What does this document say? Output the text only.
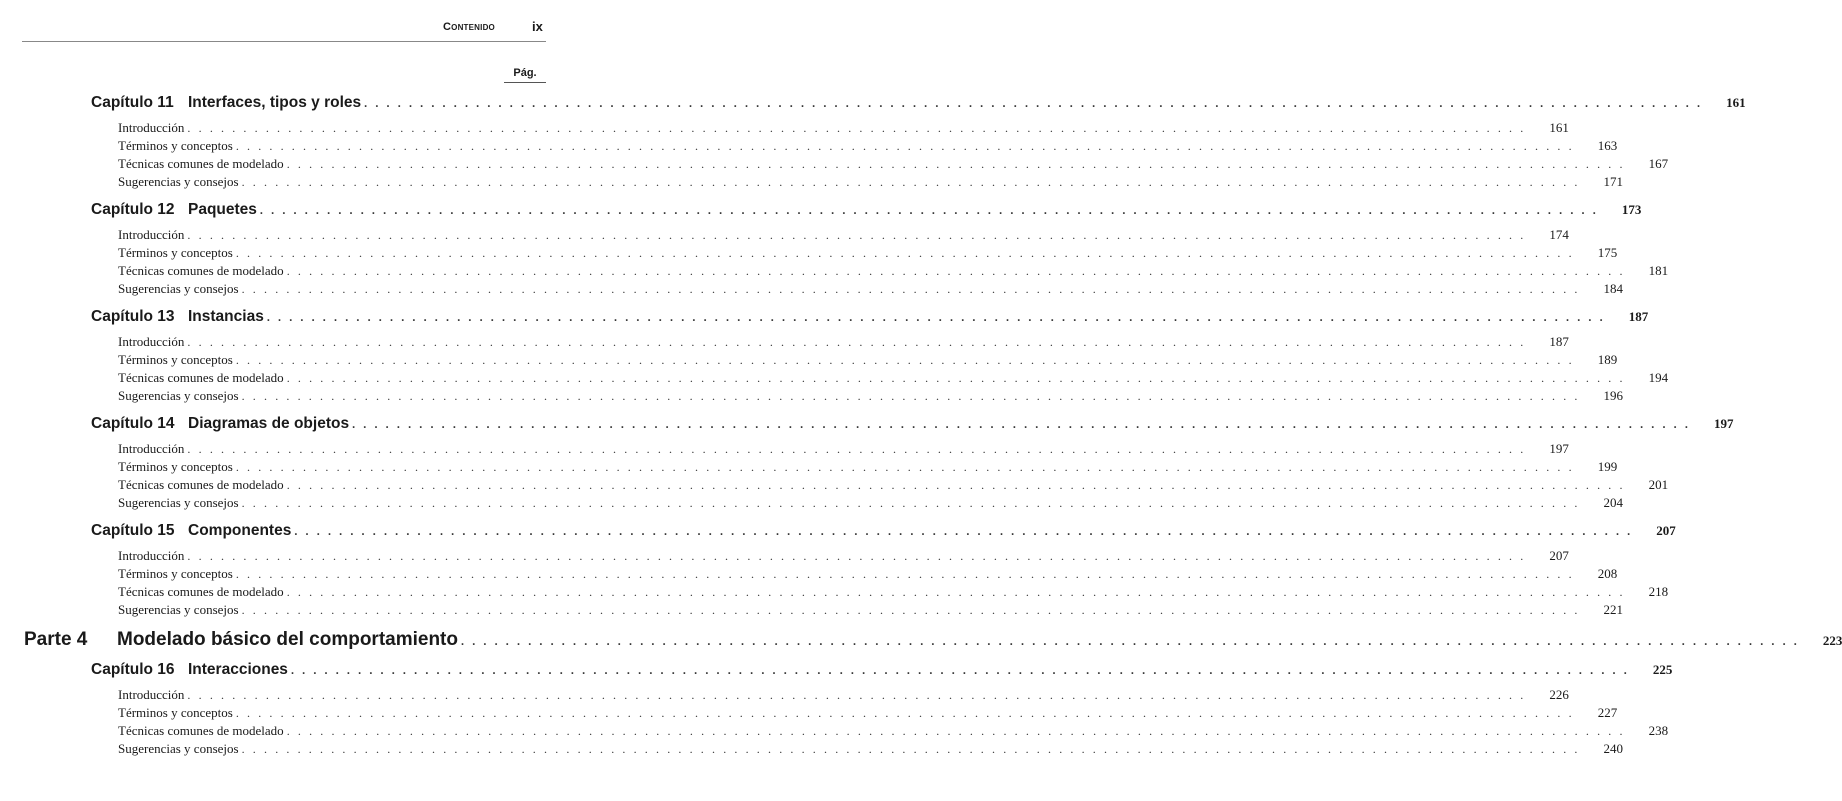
Contenido	ix
Pág.
Capítulo 11 Interfaces, tipos y roles . . . . . . . . . . . . . . . . . . . . . . . . . . . . . . . . . . . . . . . . . . . . . . . . . . . . . . . . . . . . . . . . . . . . . . . . . . . . . . . . . . . . . . . . . . . . . . . . . . . . . . . . . . . . . . . . . . . . . . . .	161
Introducción . . . . . . . . . . . . . . . . . . . . . . . . . . . . . . . . . . . . . . . . . . . . . . . . . . . . . . . . . . . . . . . . . . . . . . . . . . . . . . . . . . . . . . . . . . . . . . . . . . . . . . . . . . . . . . . . . . . . . . . .	161
Términos y conceptos . . . . . . . . . . . . . . . . . . . . . . . . . . . . . . . . . . . . . . . . . . . . . . . . . . . . . . . . . . . . . . . . . . . . . . . . . . . . . . . . . . . . . . . . . . . . . . . . . . . . . . . . . . . . . . . . . . . . . . . .	163
Técnicas comunes de modelado . . . . . . . . . . . . . . . . . . . . . . . . . . . . . . . . . . . . . . . . . . . . . . . . . . . . . . . . . . . . . . . . . . . . . . . . . . . . . . . . . . . . . . . . . . . . . . . . . . . . . . . . . . . . . . . . . . . . . . . .	167
Sugerencias y consejos . . . . . . . . . . . . . . . . . . . . . . . . . . . . . . . . . . . . . . . . . . . . . . . . . . . . . . . . . . . . . . . . . . . . . . . . . . . . . . . . . . . . . . . . . . . . . . . . . . . . . . . . . . . . . . . . . . . . . . . .	171
Capítulo 12 Paquetes . . . . . . . . . . . . . . . . . . . . . . . . . . . . . . . . . . . . . . . . . . . . . . . . . . . . . . . . . . . . . . . . . . . . . . . . . . . . . . . . . . . . . . . . . . . . . . . . . . . . . . . . . . . . . . . . . . . . . . . .	173
Introducción . . . . . . . . . . . . . . . . . . . . . . . . . . . . . . . . . . . . . . . . . . . . . . . . . . . . . . . . . . . . . . . . . . . . . . . . . . . . . . . . . . . . . . . . . . . . . . . . . . . . . . . . . . . . . . . . . . . . . . . .	174
Términos y conceptos . . . . . . . . . . . . . . . . . . . . . . . . . . . . . . . . . . . . . . . . . . . . . . . . . . . . . . . . . . . . . . . . . . . . . . . . . . . . . . . . . . . . . . . . . . . . . . . . . . . . . . . . . . . . . . . . . . . . . . . .	175
Técnicas comunes de modelado . . . . . . . . . . . . . . . . . . . . . . . . . . . . . . . . . . . . . . . . . . . . . . . . . . . . . . . . . . . . . . . . . . . . . . . . . . . . . . . . . . . . . . . . . . . . . . . . . . . . . . . . . . . . . . . . . . . . . . . .	181
Sugerencias y consejos . . . . . . . . . . . . . . . . . . . . . . . . . . . . . . . . . . . . . . . . . . . . . . . . . . . . . . . . . . . . . . . . . . . . . . . . . . . . . . . . . . . . . . . . . . . . . . . . . . . . . . . . . . . . . . . . . . . . . . . .	184
Capítulo 13 Instancias . . . . . . . . . . . . . . . . . . . . . . . . . . . . . . . . . . . . . . . . . . . . . . . . . . . . . . . . . . . . . . . . . . . . . . . . . . . . . . . . . . . . . . . . . . . . . . . . . . . . . . . . . . . . . . . . . . . . . . . .	187
Introducción . . . . . . . . . . . . . . . . . . . . . . . . . . . . . . . . . . . . . . . . . . . . . . . . . . . . . . . . . . . . . . . . . . . . . . . . . . . . . . . . . . . . . . . . . . . . . . . . . . . . . . . . . . . . . . . . . . . . . . . .	187
Términos y conceptos . . . . . . . . . . . . . . . . . . . . . . . . . . . . . . . . . . . . . . . . . . . . . . . . . . . . . . . . . . . . . . . . . . . . . . . . . . . . . . . . . . . . . . . . . . . . . . . . . . . . . . . . . . . . . . . . . . . . . . . .	189
Técnicas comunes de modelado . . . . . . . . . . . . . . . . . . . . . . . . . . . . . . . . . . . . . . . . . . . . . . . . . . . . . . . . . . . . . . . . . . . . . . . . . . . . . . . . . . . . . . . . . . . . . . . . . . . . . . . . . . . . . . . . . . . . . . . .	194
Sugerencias y consejos . . . . . . . . . . . . . . . . . . . . . . . . . . . . . . . . . . . . . . . . . . . . . . . . . . . . . . . . . . . . . . . . . . . . . . . . . . . . . . . . . . . . . . . . . . . . . . . . . . . . . . . . . . . . . . . . . . . . . . . .	196
Capítulo 14 Diagramas de objetos . . . . . . . . . . . . . . . . . . . . . . . . . . . . . . . . . . . . . . . . . . . . . . . . . . . . . . . . . . . . . . . . . . . . . . . . . . . . . . . . . . . . . . . . . . . . . . . . . . . . . . . . . . . . . . . . . . . . . . . .	197
Introducción . . . . . . . . . . . . . . . . . . . . . . . . . . . . . . . . . . . . . . . . . . . . . . . . . . . . . . . . . . . . . . . . . . . . . . . . . . . . . . . . . . . . . . . . . . . . . . . . . . . . . . . . . . . . . . . . . . . . . . . .	197
Términos y conceptos . . . . . . . . . . . . . . . . . . . . . . . . . . . . . . . . . . . . . . . . . . . . . . . . . . . . . . . . . . . . . . . . . . . . . . . . . . . . . . . . . . . . . . . . . . . . . . . . . . . . . . . . . . . . . . . . . . . . . . . .	199
Técnicas comunes de modelado . . . . . . . . . . . . . . . . . . . . . . . . . . . . . . . . . . . . . . . . . . . . . . . . . . . . . . . . . . . . . . . . . . . . . . . . . . . . . . . . . . . . . . . . . . . . . . . . . . . . . . . . . . . . . . . . . . . . . . . .	201
Sugerencias y consejos . . . . . . . . . . . . . . . . . . . . . . . . . . . . . . . . . . . . . . . . . . . . . . . . . . . . . . . . . . . . . . . . . . . . . . . . . . . . . . . . . . . . . . . . . . . . . . . . . . . . . . . . . . . . . . . . . . . . . . . .	204
Capítulo 15 Componentes . . . . . . . . . . . . . . . . . . . . . . . . . . . . . . . . . . . . . . . . . . . . . . . . . . . . . . . . . . . . . . . . . . . . . . . . . . . . . . . . . . . . . . . . . . . . . . . . . . . . . . . . . . . . . . . . . . . . . . . .	207
Introducción . . . . . . . . . . . . . . . . . . . . . . . . . . . . . . . . . . . . . . . . . . . . . . . . . . . . . . . . . . . . . . . . . . . . . . . . . . . . . . . . . . . . . . . . . . . . . . . . . . . . . . . . . . . . . . . . . . . . . . . .	207
Términos y conceptos . . . . . . . . . . . . . . . . . . . . . . . . . . . . . . . . . . . . . . . . . . . . . . . . . . . . . . . . . . . . . . . . . . . . . . . . . . . . . . . . . . . . . . . . . . . . . . . . . . . . . . . . . . . . . . . . . . . . . . . .	208
Técnicas comunes de modelado . . . . . . . . . . . . . . . . . . . . . . . . . . . . . . . . . . . . . . . . . . . . . . . . . . . . . . . . . . . . . . . . . . . . . . . . . . . . . . . . . . . . . . . . . . . . . . . . . . . . . . . . . . . . . . . . . . . . . . . .	218
Sugerencias y consejos . . . . . . . . . . . . . . . . . . . . . . . . . . . . . . . . . . . . . . . . . . . . . . . . . . . . . . . . . . . . . . . . . . . . . . . . . . . . . . . . . . . . . . . . . . . . . . . . . . . . . . . . . . . . . . . . . . . . . . . .	221
Parte 4 Modelado básico del comportamiento . . . . . . . . . . . . . . . . . . . . . . . . . . . . . . . . . . . . . . . . . . . . . . . . . . . . . . . . . . . . . . . . . . . . . . . . . . . . . . . . . . . . . . . . . . . . . . . . . . . . . . . . . . . . . . . . . . . . . . . .	223
Capítulo 16 Interacciones . . . . . . . . . . . . . . . . . . . . . . . . . . . . . . . . . . . . . . . . . . . . . . . . . . . . . . . . . . . . . . . . . . . . . . . . . . . . . . . . . . . . . . . . . . . . . . . . . . . . . . . . . . . . . . . . . . . . . . . .	225
Introducción . . . . . . . . . . . . . . . . . . . . . . . . . . . . . . . . . . . . . . . . . . . . . . . . . . . . . . . . . . . . . . . . . . . . . . . . . . . . . . . . . . . . . . . . . . . . . . . . . . . . . . . . . . . . . . . . . . . . . . . .	226
Términos y conceptos . . . . . . . . . . . . . . . . . . . . . . . . . . . . . . . . . . . . . . . . . . . . . . . . . . . . . . . . . . . . . . . . . . . . . . . . . . . . . . . . . . . . . . . . . . . . . . . . . . . . . . . . . . . . . . . . . . . . . . . .	227
Técnicas comunes de modelado . . . . . . . . . . . . . . . . . . . . . . . . . . . . . . . . . . . . . . . . . . . . . . . . . . . . . . . . . . . . . . . . . . . . . . . . . . . . . . . . . . . . . . . . . . . . . . . . . . . . . . . . . . . . . . . . . . . . . . . .	238
Sugerencias y consejos . . . . . . . . . . . . . . . . . . . . . . . . . . . . . . . . . . . . . . . . . . . . . . . . . . . . . . . . . . . . . . . . . . . . . . . . . . . . . . . . . . . . . . . . . . . . . . . . . . . . . . . . . . . . . . . . . . . . . . . .	240
